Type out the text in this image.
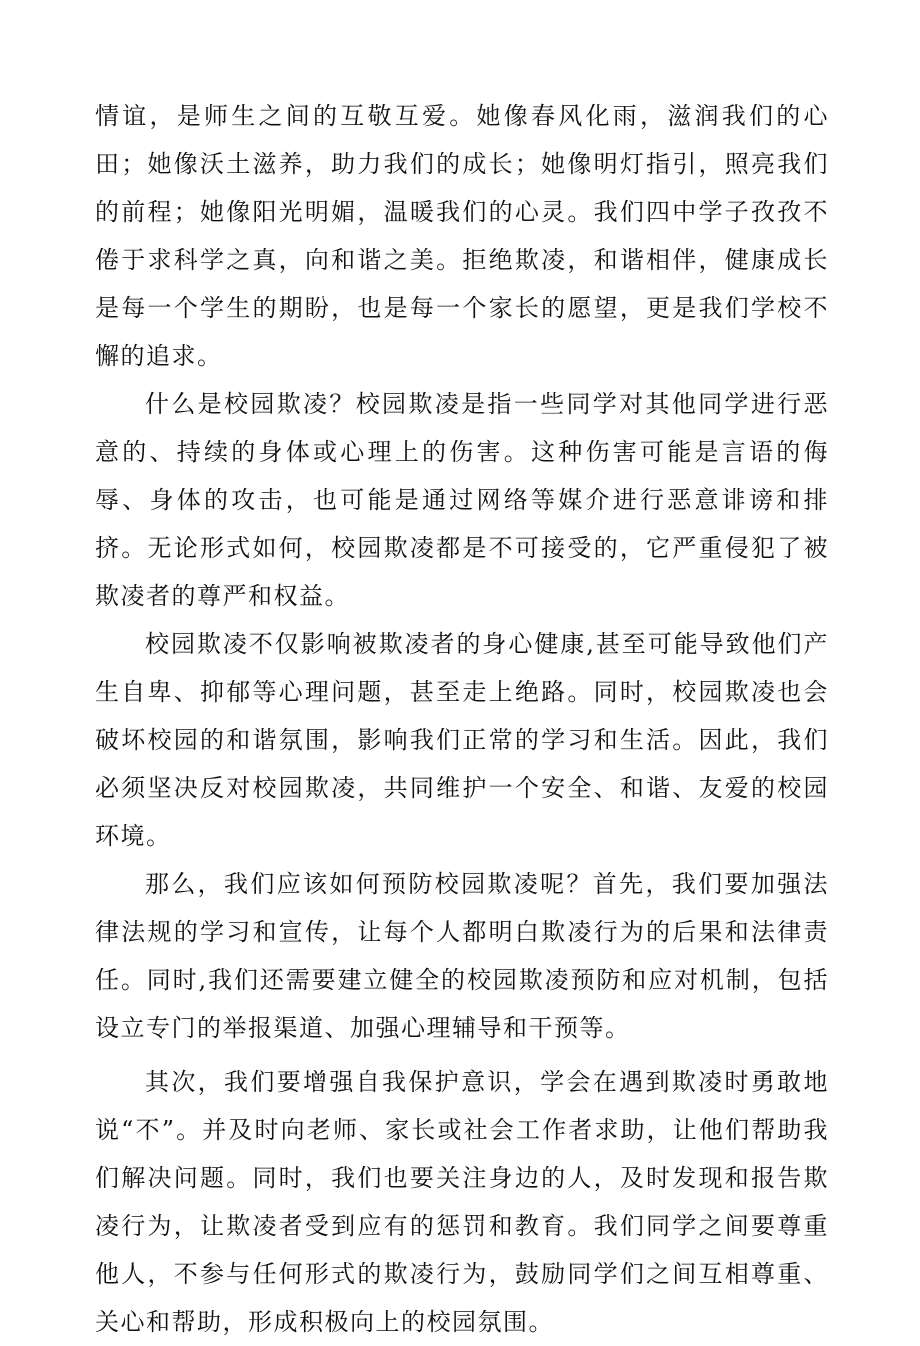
情谊，是师生之间的互敬互爱。她像春风化雨，滋润我们的心田；她像沃土滋养，助力我们的成长；她像明灯指引，照亮我们的前程；她像阳光明媚，温暖我们的心灵。我们四中学子孜孜不倦于求科学之真，向和谐之美。拒绝欺凌，和谐相伴，健康成长是每一个学生的期盼，也是每一个家长的愿望，更是我们学校不懈的追求。

什么是校园欺凌？校园欺凌是指一些同学对其他同学进行恶意的、持续的身体或心理上的伤害。这种伤害可能是言语的侮辱、身体的攻击，也可能是通过网络等媒介进行恶意诽谤和排挤。无论形式如何，校园欺凌都是不可接受的，它严重侵犯了被欺凌者的尊严和权益。

校园欺凌不仅影响被欺凌者的身心健康,甚至可能导致他们产生自卑、抑郁等心理问题，甚至走上绝路。同时，校园欺凌也会破坏校园的和谐氛围，影响我们正常的学习和生活。因此，我们必须坚决反对校园欺凌，共同维护一个安全、和谐、友爱的校园环境。

那么，我们应该如何预防校园欺凌呢？首先，我们要加强法律法规的学习和宣传，让每个人都明白欺凌行为的后果和法律责任。同时,我们还需要建立健全的校园欺凌预防和应对机制，包括设立专门的举报渠道、加强心理辅导和干预等。

其次，我们要增强自我保护意识，学会在遇到欺凌时勇敢地说“不”。并及时向老师、家长或社会工作者求助，让他们帮助我们解决问题。同时，我们也要关注身边的人，及时发现和报告欺凌行为，让欺凌者受到应有的惩罚和教育。我们同学之间要尊重他人，不参与任何形式的欺凌行为，鼓励同学们之间互相尊重、关心和帮助，形成积极向上的校园氛围。
